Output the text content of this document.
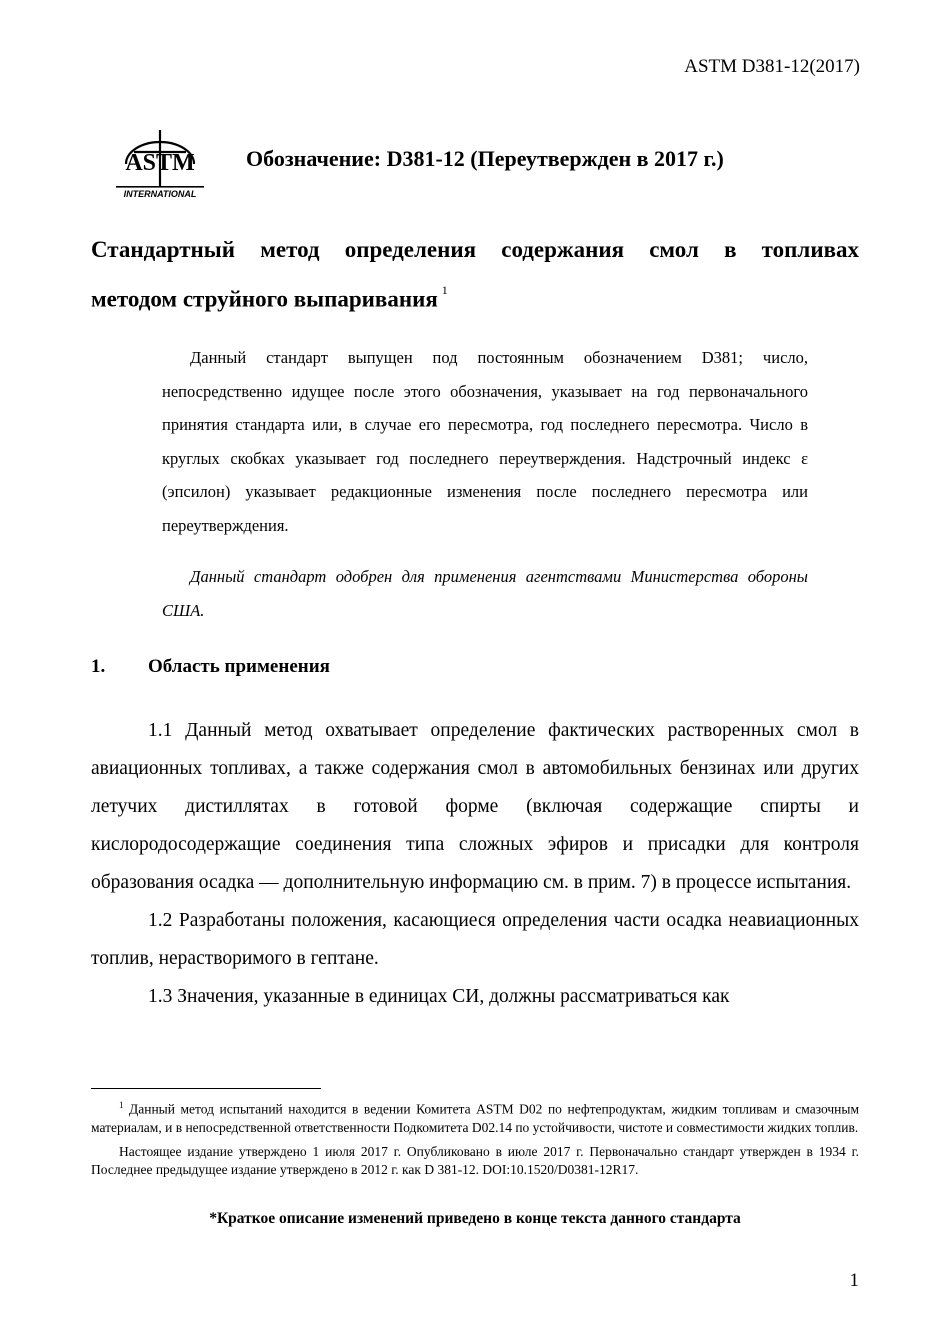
ASTM D381-12(2017)
ASTM
INTERNATIONAL
Обозначение: D381-12 (Переутвержден в 2017 г.)
Стандартный метод определения содержания смол в топливах
методом струйного выпаривания $^1$

Данный стандарт выпущен под постоянным обозначением D381; число, непосредственно идущее после этого обозначения, указывает на год первоначального принятия стандарта или, в случае его пересмотра, год последнего пересмотра. Число в круглых скобках указывает год последнего переутверждения. Надстрочный индекс ε (эпсилон) указывает редакционные изменения после последнего пересмотра или переутверждения.

Данный стандарт одобрен для применения агентствами Министерства обороны США.

1. Область применения

1.1 Данный метод охватывает определение фактических растворенных смол в авиационных топливах, а также содержания смол в автомобильных бензинах или других летучих дистиллятах в готовой форме (включая содержащие спирты и кислородосодержащие соединения типа сложных эфиров и присадки для контроля образования осадка — дополнительную информацию см. в прим. 7) в процессе испытания.

1.2 Разработаны положения, касающиеся определения части осадка неавиационных топлив, нерастворимого в гептане.

1.3 Значения, указанные в единицах СИ, должны рассматриваться как

$^1$ Данный метод испытаний находится в ведении Комитета ASTM D02 по нефтепродуктам, жидким топливам и смазочным материалам, и в непосредственной ответственности Подкомитета D02.14 по устойчивости, чистоте и совместимости жидких топлив.

Настоящее издание утверждено 1 июля 2017 г. Опубликовано в июле 2017 г. Первоначально стандарт утвержден в 1934 г. Последнее предыдущее издание утверждено в 2012 г. как D 381-12. DOI:10.1520/D0381-12R17.

*Краткое описание изменений приведено в конце текста данного стандарта
1
